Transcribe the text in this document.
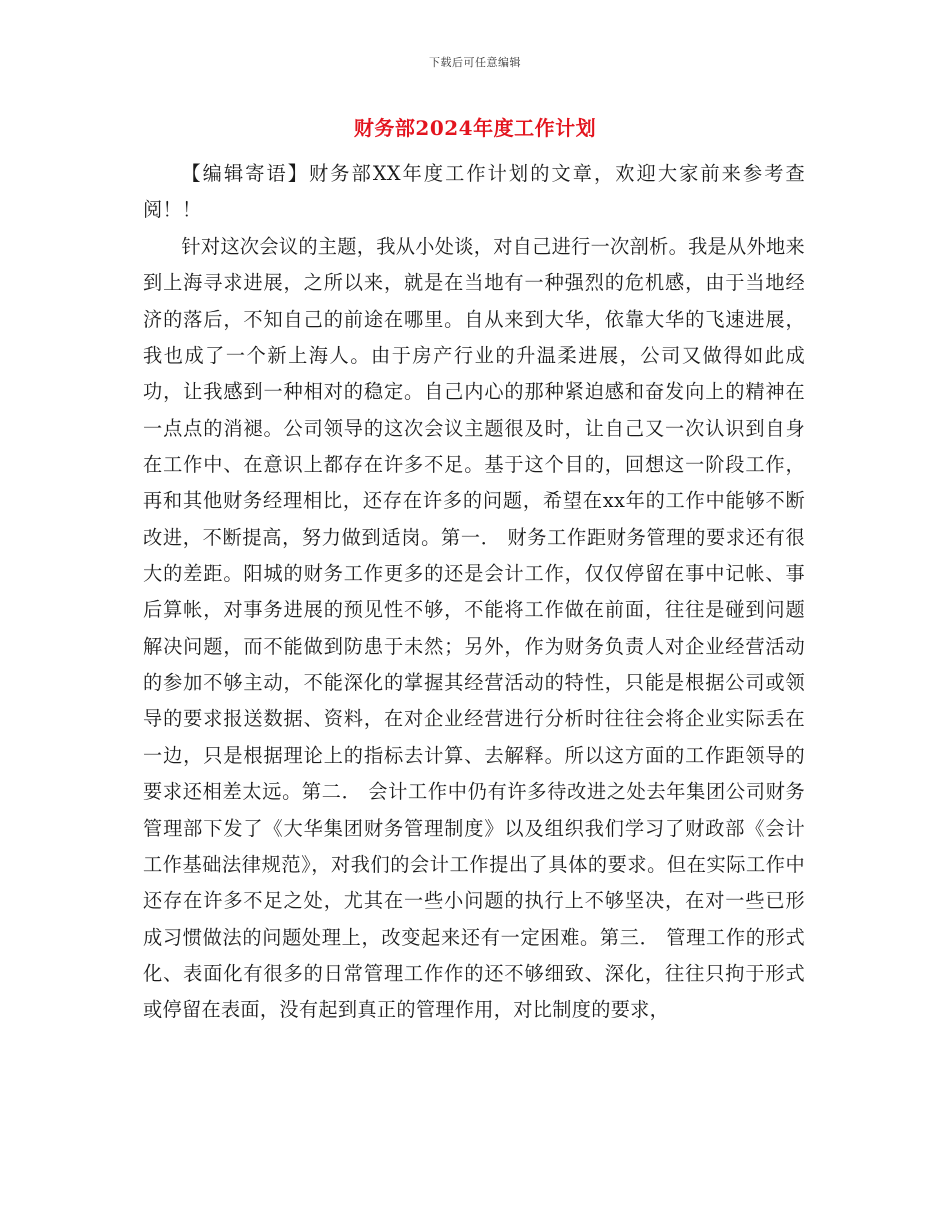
下载后可任意编辑
财务部2024年度工作计划

【编辑寄语】财务部XX年度工作计划的文章，欢迎大家前来参考查阅！！

针对这次会议的主题，我从小处谈，对自己进行一次剖析。我是从外地来到上海寻求进展，之所以来，就是在当地有一种强烈的危机感，由于当地经济的落后，不知自己的前途在哪里。自从来到大华，依靠大华的飞速进展，我也成了一个新上海人。由于房产行业的升温柔进展，公司又做得如此成功，让我感到一种相对的稳定。自己内心的那种紧迫感和奋发向上的精神在一点点的消褪。公司领导的这次会议主题很及时，让自己又一次认识到自身在工作中、在意识上都存在许多不足。基于这个目的，回想这一阶段工作，再和其他财务经理相比，还存在许多的问题，希望在xx年的工作中能够不断改进，不断提高，努力做到适岗。第一． 财务工作距财务管理的要求还有很大的差距。阳城的财务工作更多的还是会计工作，仅仅停留在事中记帐、事后算帐，对事务进展的预见性不够，不能将工作做在前面，往往是碰到问题解决问题，而不能做到防患于未然；另外，作为财务负责人对企业经营活动的参加不够主动，不能深化的掌握其经营活动的特性，只能是根据公司或领导的要求报送数据、资料，在对企业经营进行分析时往往会将企业实际丢在一边，只是根据理论上的指标去计算、去解释。所以这方面的工作距领导的要求还相差太远。第二． 会计工作中仍有许多待改进之处去年集团公司财务管理部下发了《大华集团财务管理制度》以及组织我们学习了财政部《会计工作基础法律规范》，对我们的会计工作提出了具体的要求。但在实际工作中还存在许多不足之处，尤其在一些小问题的执行上不够坚决，在对一些已形成习惯做法的问题处理上，改变起来还有一定困难。第三． 管理工作的形式化、表面化有很多的日常管理工作作的还不够细致、深化，往往只拘于形式或停留在表面，没有起到真正的管理作用，对比制度的要求，
